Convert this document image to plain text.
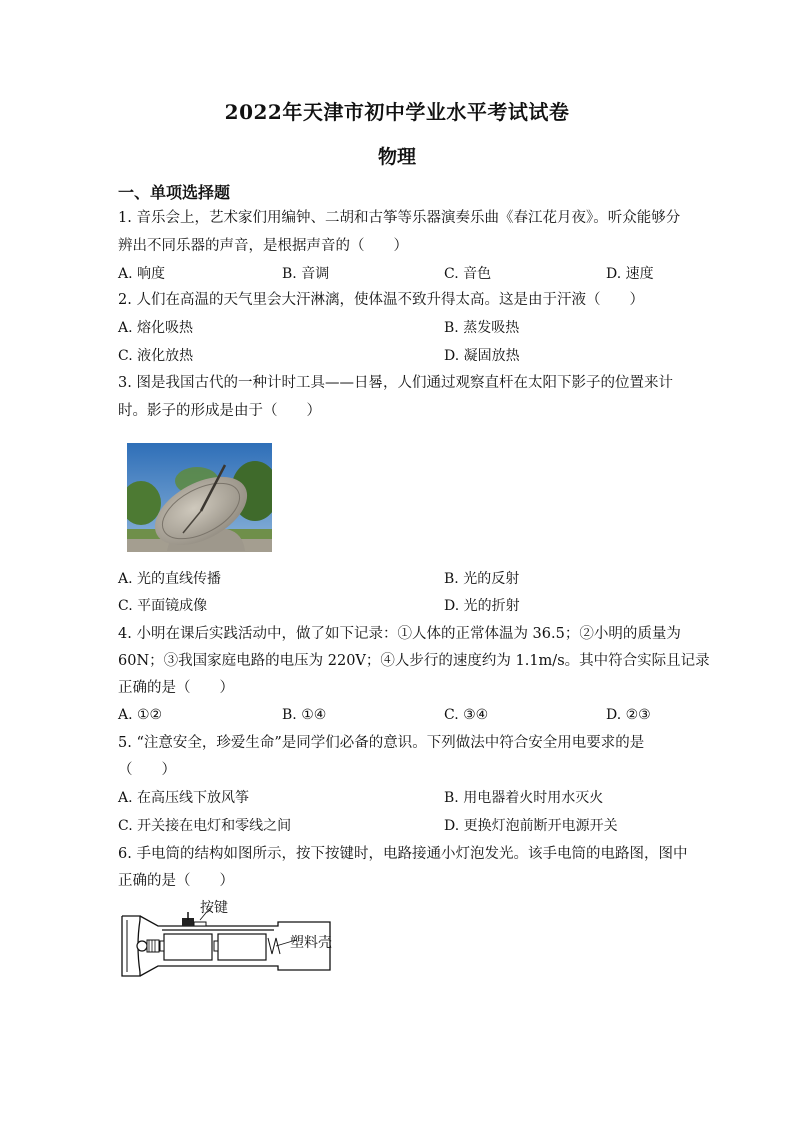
2022年天津市初中学业水平考试试卷
物理
一、单项选择题
1. 音乐会上，艺术家们用编钟、二胡和古筝等乐器演奏乐曲《春江花月夜》。听众能够分
辨出不同乐器的声音，是根据声音的（　　）
A. 响度	B. 音调	C. 音色	D. 速度
2. 人们在高温的天气里会大汗淋漓，使体温不致升得太高。这是由于汗液（　　）
A. 熔化吸热	B. 蒸发吸热
C. 液化放热	D. 凝固放热
3. 图是我国古代的一种计时工具——日晷，人们通过观察直杆在太阳下影子的位置来计
时。影子的形成是由于（　　）
A. 光的直线传播	B. 光的反射
C. 平面镜成像	D. 光的折射
4. 小明在课后实践活动中，做了如下记录：①人体的正常体温为 36.5；②小明的质量为
60N；③我国家庭电路的电压为 220V；④人步行的速度约为 1.1m/s。其中符合实际且记录
正确的是（　　）
A. ①②	B. ①④	C. ③④	D. ②③
5. “注意安全，珍爱生命”是同学们必备的意识。下列做法中符合安全用电要求的是
（　　）
A. 在高压线下放风筝	B. 用电器着火时用水灭火
C. 开关接在电灯和零线之间	D. 更换灯泡前断开电源开关
6. 手电筒的结构如图所示，按下按键时，电路接通小灯泡发光。该手电筒的电路图，图中
正确的是（　　）
按键
塑料壳
